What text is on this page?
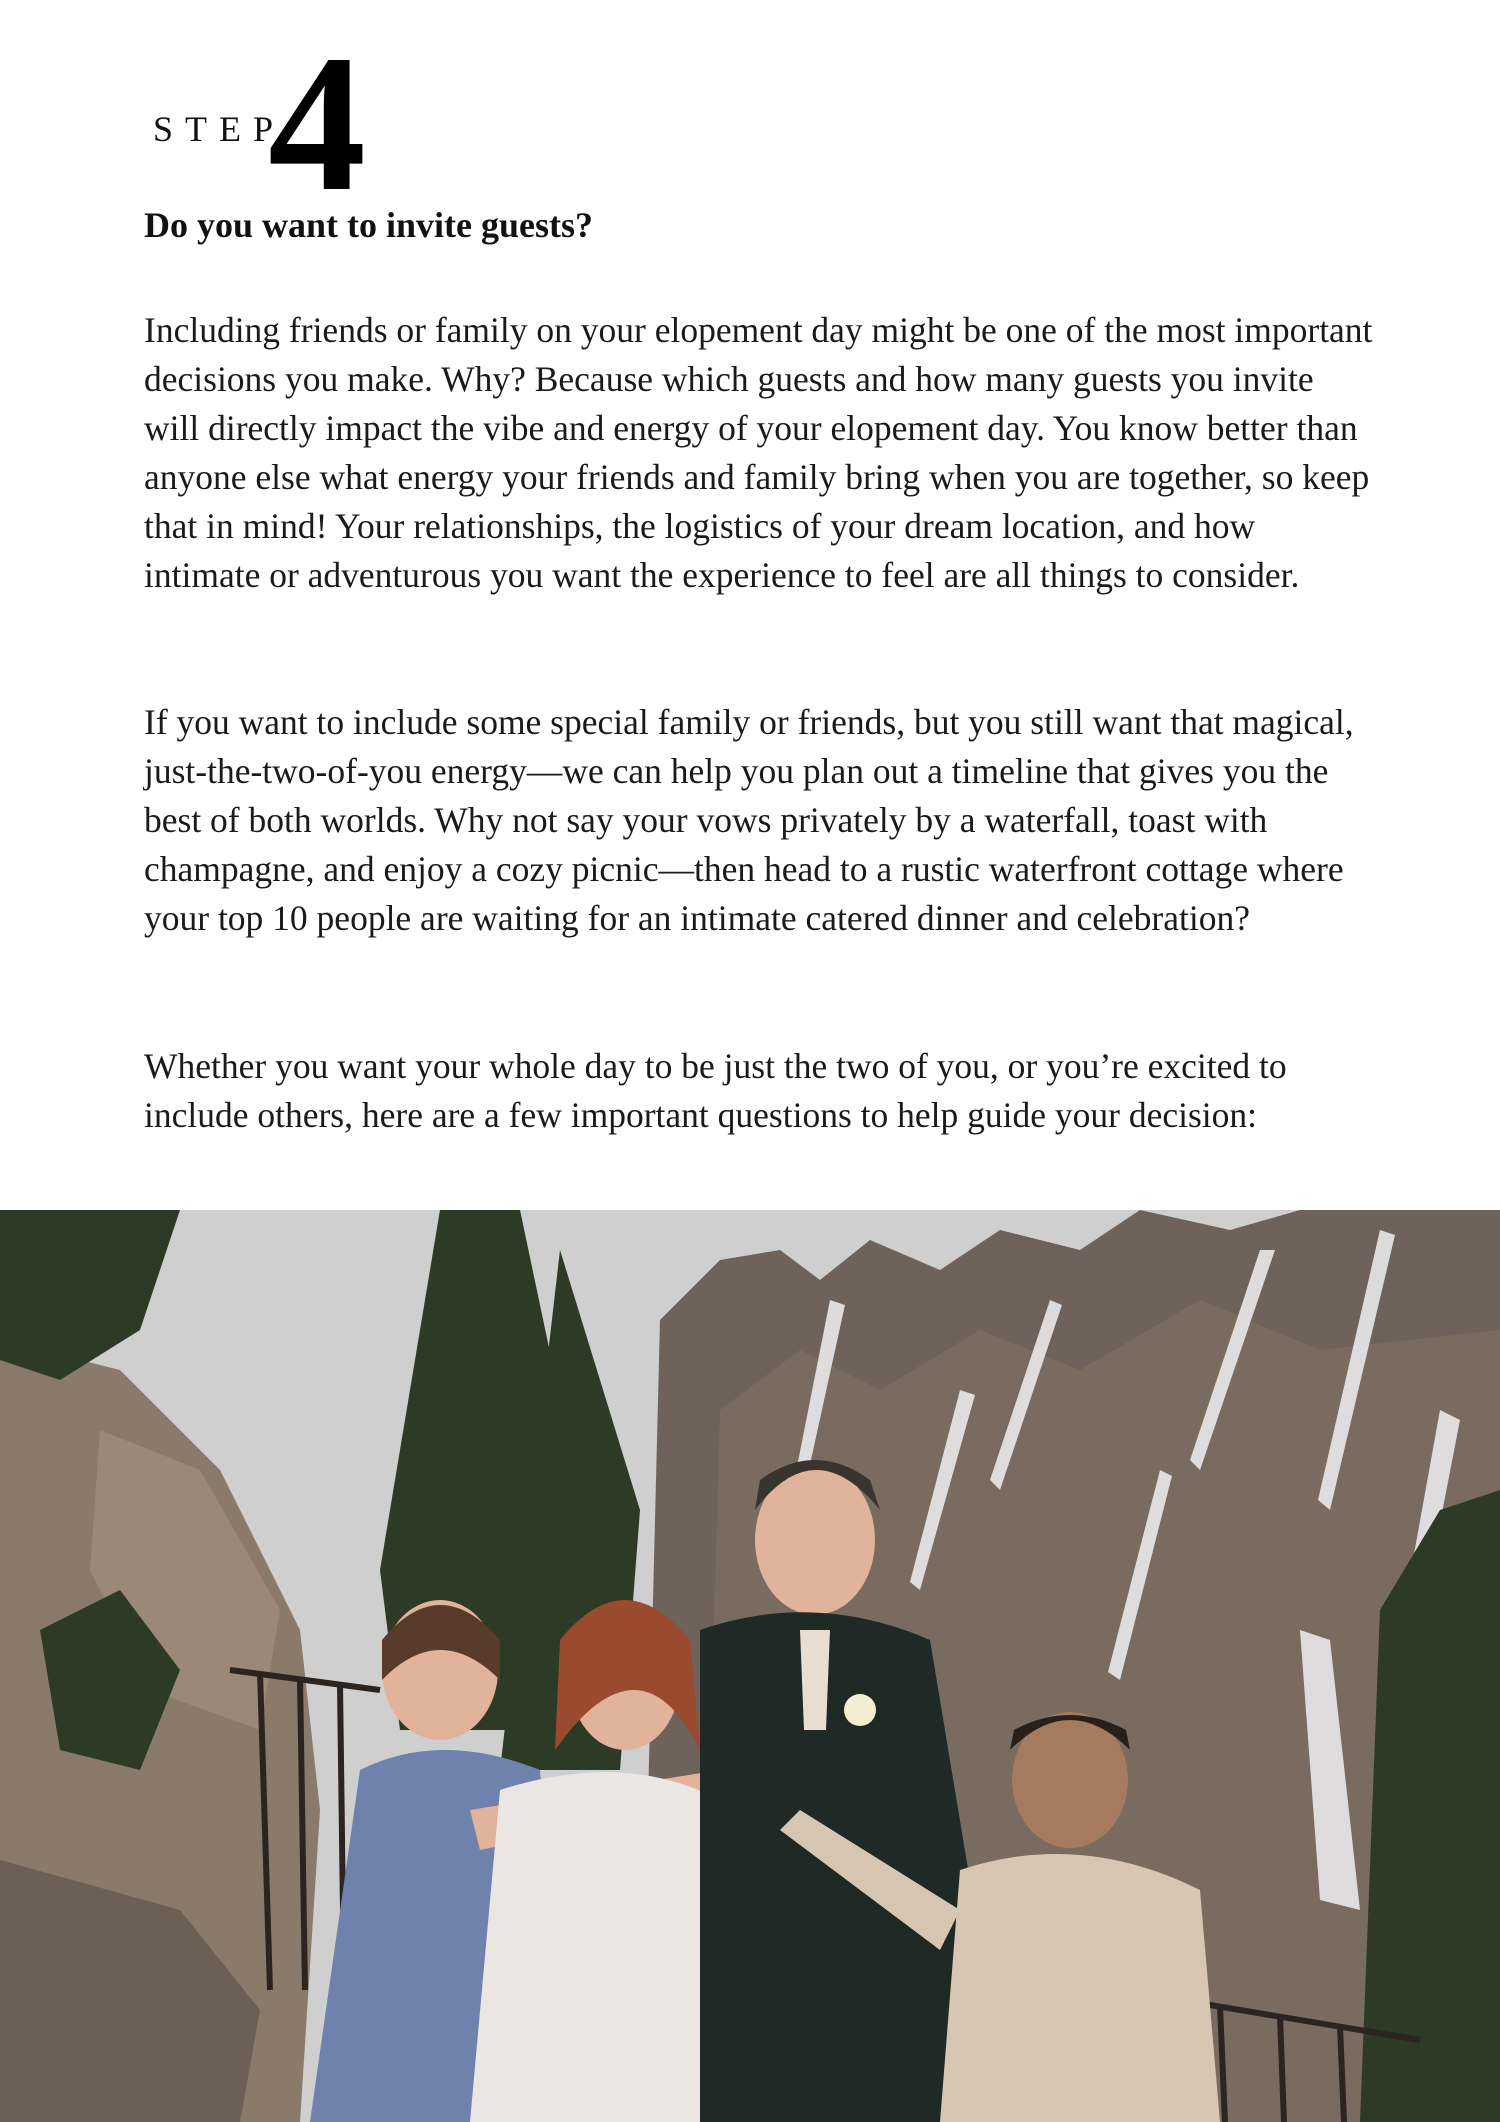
STEP
4
Do you want to invite guests?

Including friends or family on your elopement day might be one of the most important decisions you make. Why? Because which guests and how many guests you invite will directly impact the vibe and energy of your elopement day. You know better than anyone else what energy your friends and family bring when you are together, so keep that in mind! Your relationships, the logistics of your dream location, and how intimate or adventurous you want the experience to feel are all things to consider.

If you want to include some special family or friends, but you still want that magical, just-the-two-of-you energy—we can help you plan out a timeline that gives you the best of both worlds. Why not say your vows privately by a waterfall, toast with champagne, and enjoy a cozy picnic—then head to a rustic waterfront cottage where your top 10 people are waiting for an intimate catered dinner and celebration?

Whether you want your whole day to be just the two of you, or you’re excited to include others, here are a few important questions to help guide your decision:
